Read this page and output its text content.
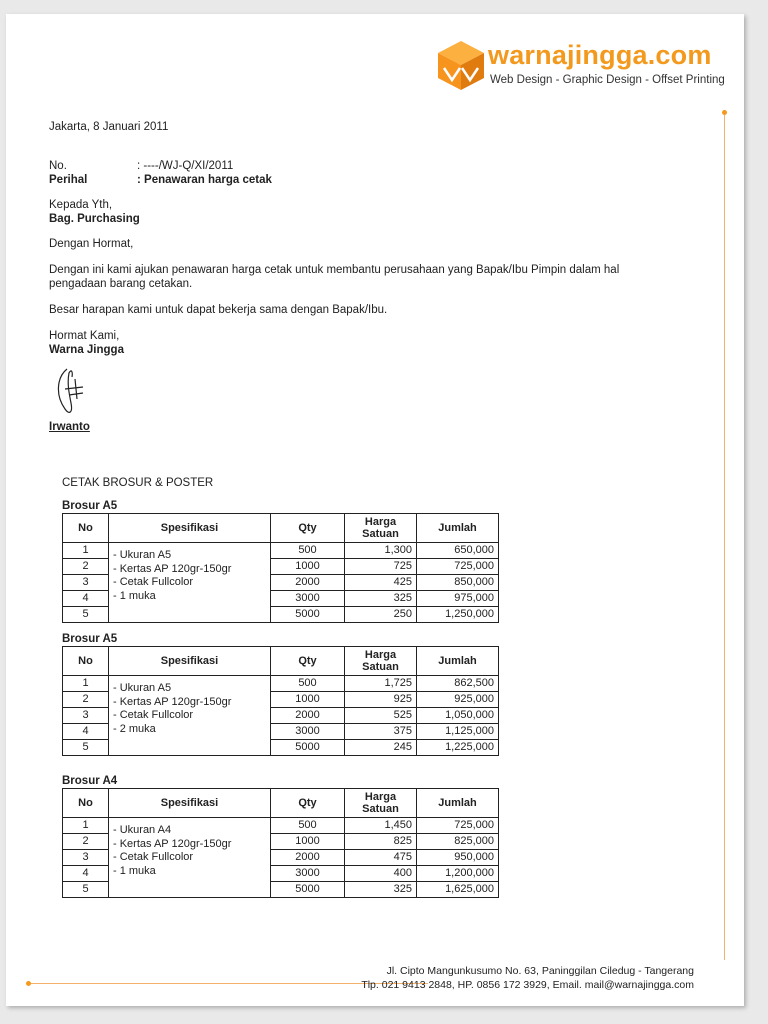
warnajingga.com
Web Design - Graphic Design - Offset Printing

Jakarta, 8 Januari 2011

No.	: ----/WJ-Q/XI/2011
Perihal	: Penawaran harga cetak

Kepada Yth,

Bag. Purchasing

Dengan Hormat,

Dengan ini kami ajukan penawaran harga cetak untuk membantu perusahaan yang Bapak/Ibu Pimpin dalam hal

pengadaan barang cetakan.

Besar harapan kami untuk dapat bekerja sama dengan Bapak/Ibu.

Hormat Kami,

Warna Jingga

Irwanto

CETAK BROSUR & POSTER
Brosur A5
No	Spesifikasi	Qty	Harga
Satuan	Jumlah
1	- Ukuran A5
- Kertas AP 120gr-150gr
- Cetak Fullcolor
- 1 muka	500	1,300	650,000
2		1000	725	725,000
3		2000	425	850,000
4		3000	325	975,000
5		5000	250	1,250,000
Brosur A5
No	Spesifikasi	Qty	Harga
Satuan	Jumlah
1	- Ukuran A5
- Kertas AP 120gr-150gr
- Cetak Fullcolor
- 2 muka	500	1,725	862,500
2		1000	925	925,000
3		2000	525	1,050,000
4		3000	375	1,125,000
5		5000	245	1,225,000
Brosur A4
No	Spesifikasi	Qty	Harga
Satuan	Jumlah
1	- Ukuran A4
- Kertas AP 120gr-150gr
- Cetak Fullcolor
- 1 muka	500	1,450	725,000
2		1000	825	825,000
3		2000	475	950,000
4		3000	400	1,200,000
5		5000	325	1,625,000
Jl. Cipto Mangunkusumo No. 63, Paninggilan Ciledug - Tangerang
Tlp. 021 9413 2848, HP. 0856 172 3929, Email. mail@warnajingga.com
